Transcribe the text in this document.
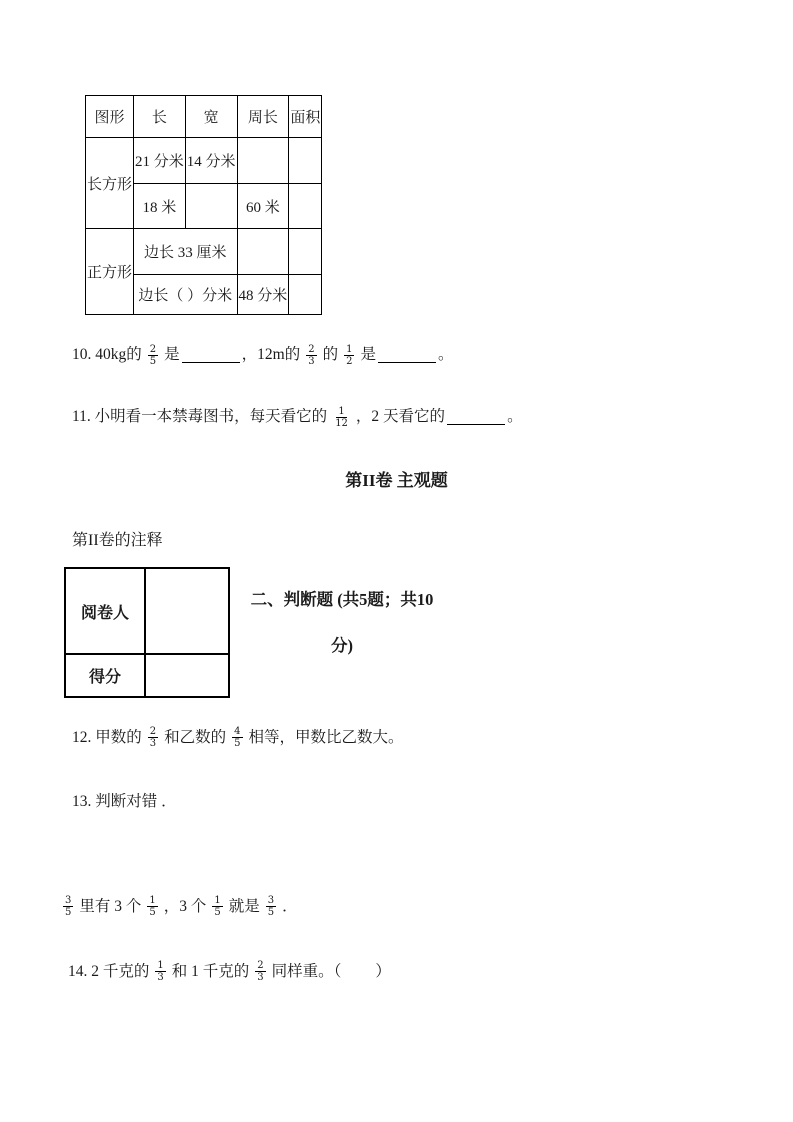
图形	长	宽	周长	面积
长方形	21 分米	14 分米		
	18 米		60 米	
正方形	边长 33 厘米			
	边长（ ）分米		48 分米	
10. 40kg的 $\frac{2}{5}$ 是	，12m的 $\frac{2}{3}$ 的 $\frac{1}{2}$ 是	。
11. 小明看一本禁毒图书，每天看它的 $\frac{1}{12}$ ，2 天看它的	。
第II卷 主观题
第II卷的注释
阅卷人
得分
二、判断题 (共5题；共10
分)
12. 甲数的 $\frac{2}{3}$ 和乙数的 $\frac{4}{5}$ 相等，甲数比乙数大。
13. 判断对错 ．
$\frac{3}{5}$ 里有 3 个 $\frac{1}{5}$ ，3 个 $\frac{1}{5}$ 就是 $\frac{3}{5}$ ．
14. 2 千克的 $\frac{1}{3}$ 和 1 千克的 $\frac{2}{3}$ 同样重。（ ）
